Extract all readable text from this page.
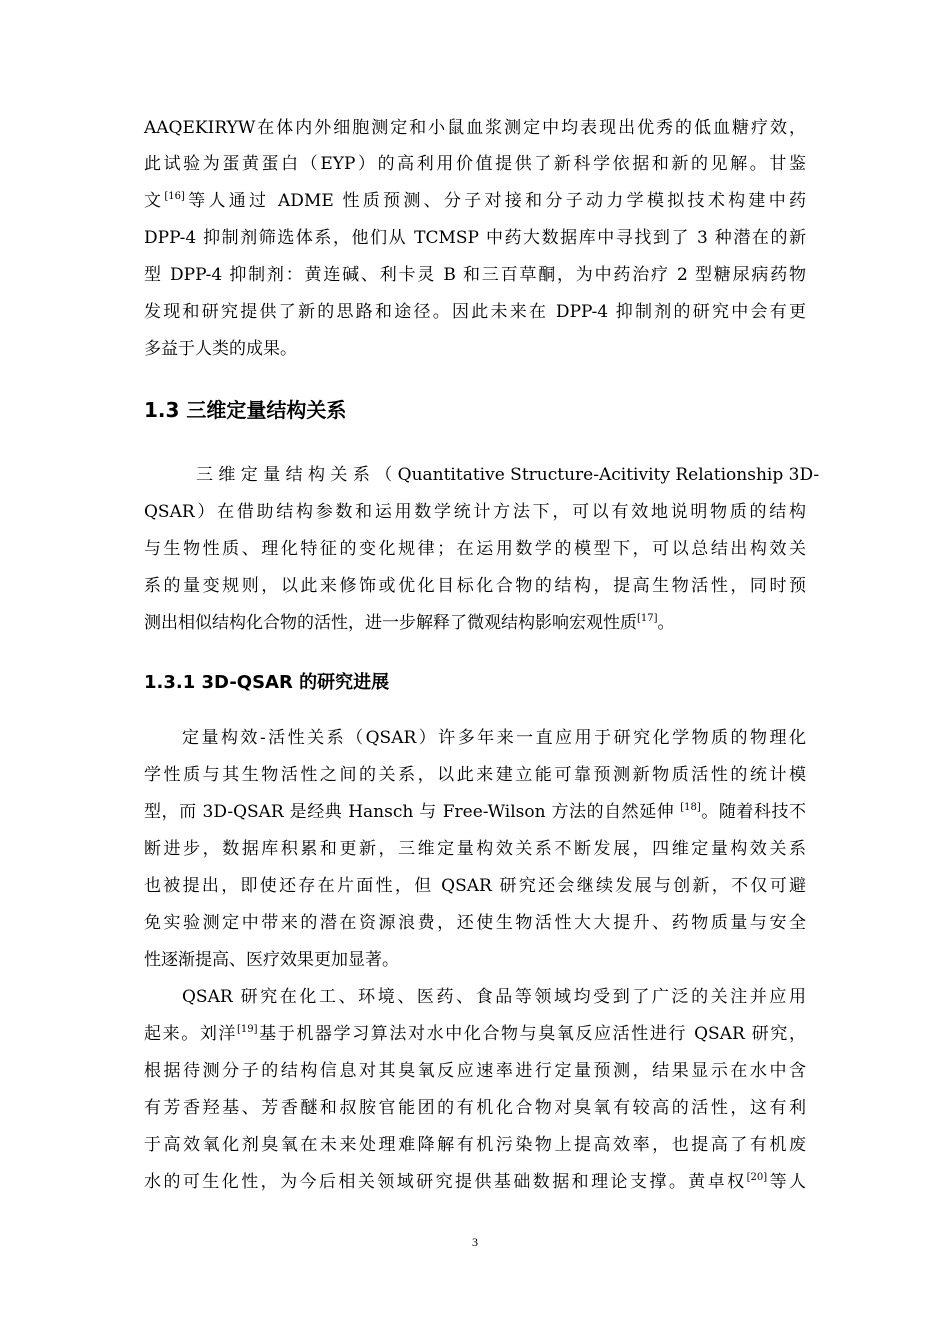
AAQEKIRYW在体内外细胞测定和小鼠血浆测定中均表现出优秀的低血糖疗效，
此试验为蛋黄蛋白（EYP）的高利用价值提供了新科学依据和新的见解。甘鉴
文[16]等人通过 ADME 性质预测、分子对接和分子动力学模拟技术构建中药
DPP-4 抑制剂筛选体系，他们从 TCMSP 中药大数据库中寻找到了 3 种潜在的新
型 DPP-4 抑制剂：黄连碱、利卡灵 B 和三百草酮，为中药治疗 2 型糖尿病药物
发现和研究提供了新的思路和途径。因此未来在 DPP-4 抑制剂的研究中会有更
多益于人类的成果。
1.3 三维定量结构关系
三 维 定 量 结 构 关 系 （ Quantitative Structure-Acitivity Relationship 3D-
QSAR）在借助结构参数和运用数学统计方法下，可以有效地说明物质的结构
与生物性质、理化特征的变化规律；在运用数学的模型下，可以总结出构效关
系的量变规则，以此来修饰或优化目标化合物的结构，提高生物活性，同时预
测出相似结构化合物的活性，进一步解释了微观结构影响宏观性质[17]。
1.3.1 3D-QSAR 的研究进展
定量构效-活性关系（QSAR）许多年来一直应用于研究化学物质的物理化
学性质与其生物活性之间的关系，以此来建立能可靠预测新物质活性的统计模
型，而 3D-QSAR 是经典 Hansch 与 Free-Wilson 方法的自然延伸 [18]。随着科技不
断进步，数据库积累和更新，三维定量构效关系不断发展，四维定量构效关系
也被提出，即使还存在片面性，但 QSAR 研究还会继续发展与创新，不仅可避
免实验测定中带来的潜在资源浪费，还使生物活性大大提升、药物质量与安全
性逐渐提高、医疗效果更加显著。
QSAR 研究在化工、环境、医药、食品等领域均受到了广泛的关注并应用
起来。刘洋[19]基于机器学习算法对水中化合物与臭氧反应活性进行 QSAR 研究，
根据待测分子的结构信息对其臭氧反应速率进行定量预测，结果显示在水中含
有芳香羟基、芳香醚和叔胺官能团的有机化合物对臭氧有较高的活性，这有利
于高效氧化剂臭氧在未来处理难降解有机污染物上提高效率，也提高了有机废
水的可生化性，为今后相关领域研究提供基础数据和理论支撑。黄卓权[20]等人
3
